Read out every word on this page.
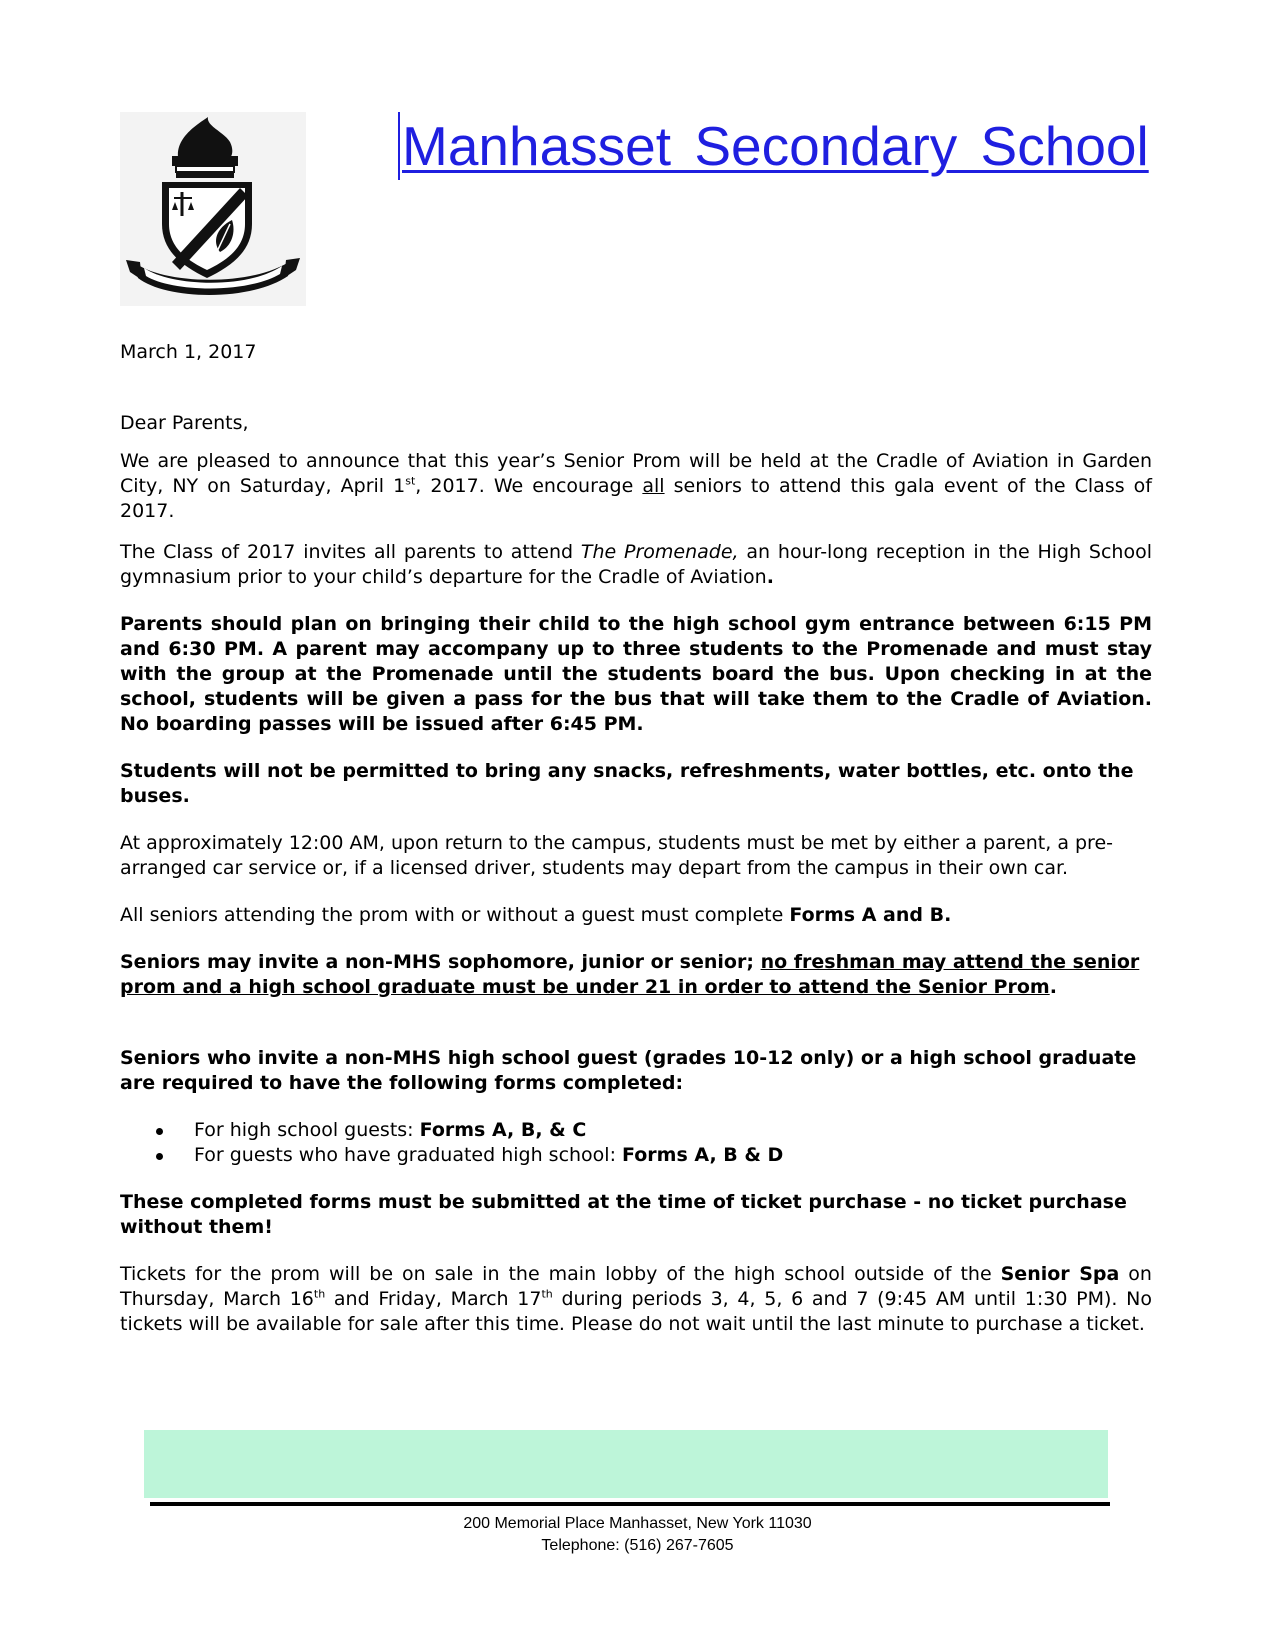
Manhasset Secondary School

March 1, 2017

Dear Parents,

We are pleased to announce that this year’s Senior Prom will be held at the Cradle of Aviation in Garden City, NY on Saturday, April 1st, 2017. We encourage all seniors to attend this gala event of the Class of 2017.

The Class of 2017 invites all parents to attend The Promenade, an hour-long reception in the High School gymnasium prior to your child’s departure for the Cradle of Aviation.

Parents should plan on bringing their child to the high school gym entrance between 6:15 PM and 6:30 PM. A parent may accompany up to three students to the Promenade and must stay with the group at the Promenade until the students board the bus. Upon checking in at the school, students will be given a pass for the bus that will take them to the Cradle of Aviation. No boarding passes will be issued after 6:45 PM.

Students will not be permitted to bring any snacks, refreshments, water bottles, etc. onto the buses.

At approximately 12:00 AM, upon return to the campus, students must be met by either a parent, a pre-arranged car service or, if a licensed driver, students may depart from the campus in their own car.

All seniors attending the prom with or without a guest must complete Forms A and B.

Seniors may invite a non-MHS sophomore, junior or senior; no freshman may attend the senior prom and a high school graduate must be under 21 in order to attend the Senior Prom.

Seniors who invite a non-MHS high school guest (grades 10-12 only) or a high school graduate are required to have the following forms completed:

For high school guests: Forms A, B, & C
For guests who have graduated high school: Forms A, B & D

These completed forms must be submitted at the time of ticket purchase - no ticket purchase without them!

Tickets for the prom will be on sale in the main lobby of the high school outside of the Senior Spa on Thursday, March 16th and Friday, March 17th during periods 3, 4, 5, 6 and 7 (9:45 AM until 1:30 PM). No tickets will be available for sale after this time. Please do not wait until the last minute to purchase a ticket.

200 Memorial Place Manhasset, New York 11030
Telephone: (516) 267-7605
